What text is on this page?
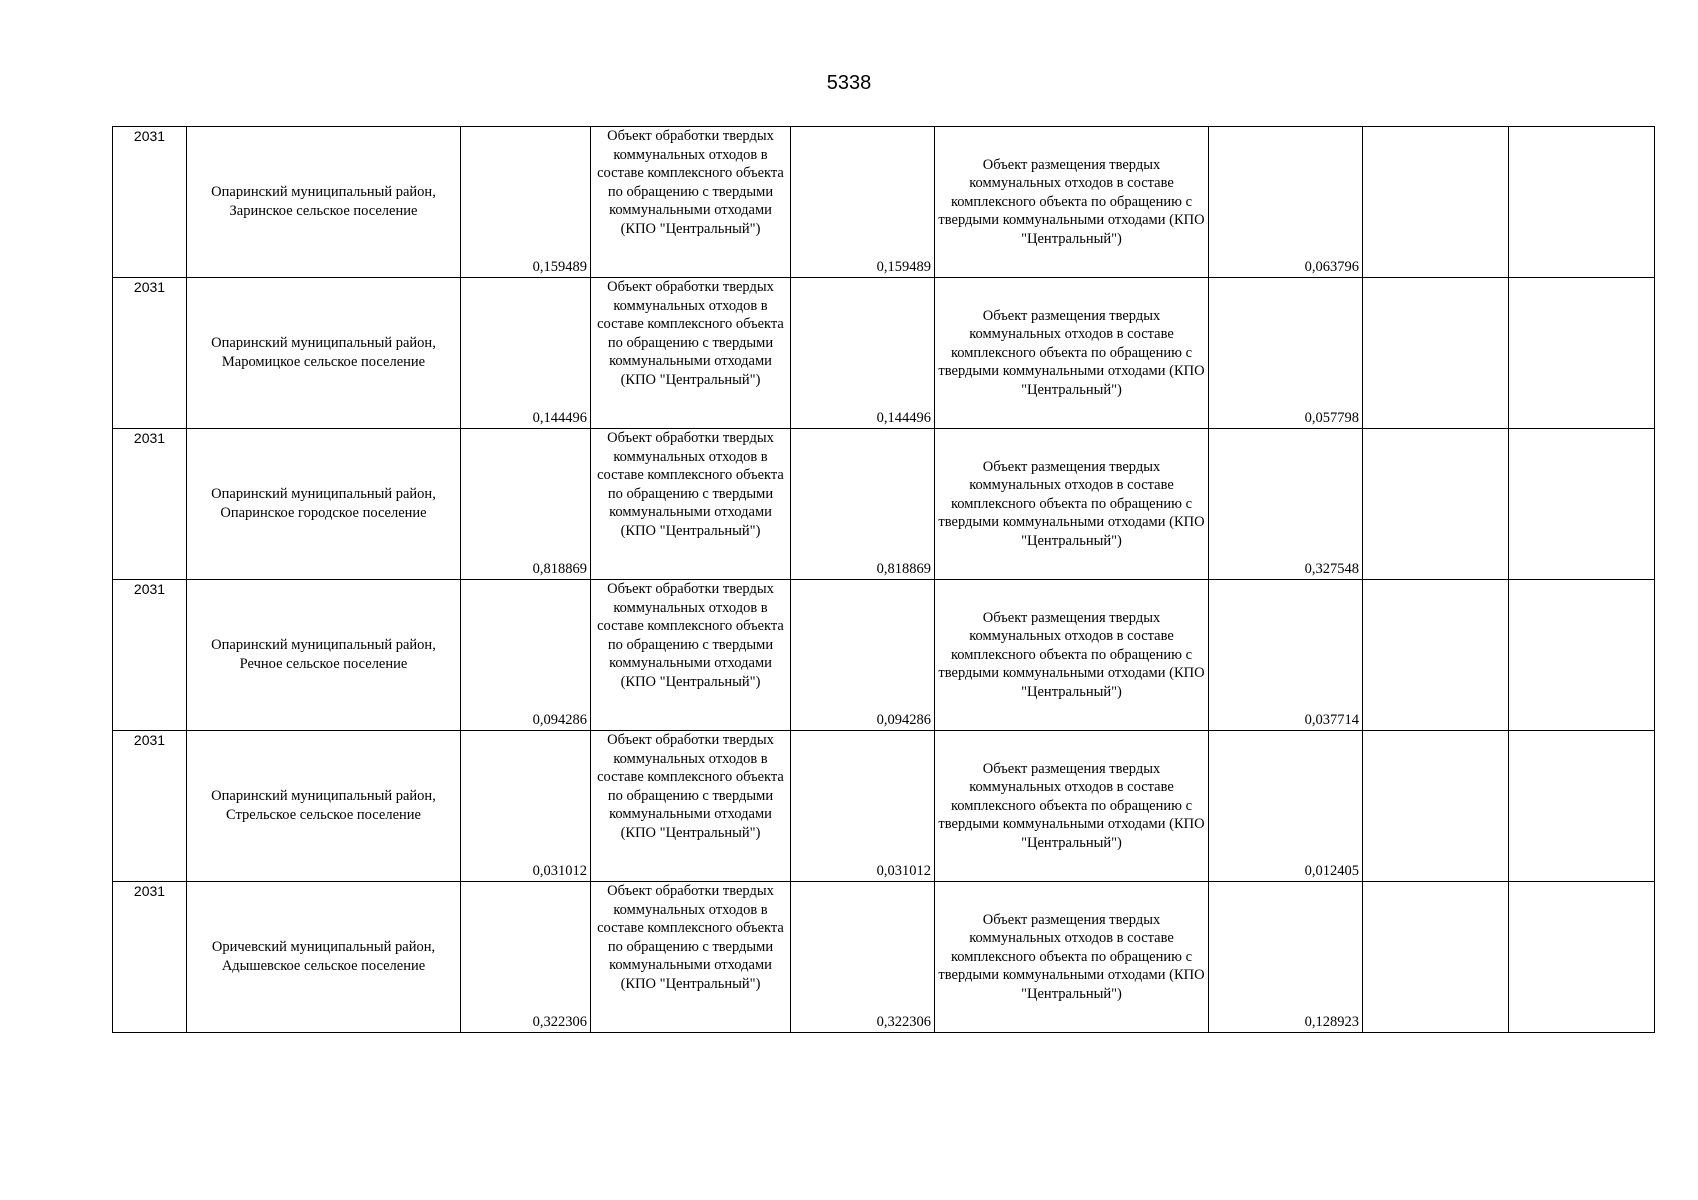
5338
2031	Опаринский муниципальный район, Заринское сельское поселение	0,159489	Объект обработки твердых коммунальных отходов в составе комплексного объекта по обращению с твердыми коммунальными отходами (КПО "Центральный")	0,159489	Объект размещения твердых коммунальных отходов в составе комплексного объекта по обращению с твердыми коммунальными отходами (КПО "Центральный")	0,063796		
2031	Опаринский муниципальный район, Маромицкое сельское поселение	0,144496	Объект обработки твердых коммунальных отходов в составе комплексного объекта по обращению с твердыми коммунальными отходами (КПО "Центральный")	0,144496	Объект размещения твердых коммунальных отходов в составе комплексного объекта по обращению с твердыми коммунальными отходами (КПО "Центральный")	0,057798		
2031	Опаринский муниципальный район, Опаринское городское поселение	0,818869	Объект обработки твердых коммунальных отходов в составе комплексного объекта по обращению с твердыми коммунальными отходами (КПО "Центральный")	0,818869	Объект размещения твердых коммунальных отходов в составе комплексного объекта по обращению с твердыми коммунальными отходами (КПО "Центральный")	0,327548		
2031	Опаринский муниципальный район, Речное сельское поселение	0,094286	Объект обработки твердых коммунальных отходов в составе комплексного объекта по обращению с твердыми коммунальными отходами (КПО "Центральный")	0,094286	Объект размещения твердых коммунальных отходов в составе комплексного объекта по обращению с твердыми коммунальными отходами (КПО "Центральный")	0,037714		
2031	Опаринский муниципальный район, Стрельское сельское поселение	0,031012	Объект обработки твердых коммунальных отходов в составе комплексного объекта по обращению с твердыми коммунальными отходами (КПО "Центральный")	0,031012	Объект размещения твердых коммунальных отходов в составе комплексного объекта по обращению с твердыми коммунальными отходами (КПО "Центральный")	0,012405		
2031	Оричевский муниципальный район, Адышевское сельское поселение	0,322306	Объект обработки твердых коммунальных отходов в составе комплексного объекта по обращению с твердыми коммунальными отходами (КПО "Центральный")	0,322306	Объект размещения твердых коммунальных отходов в составе комплексного объекта по обращению с твердыми коммунальными отходами (КПО "Центральный")	0,128923		
